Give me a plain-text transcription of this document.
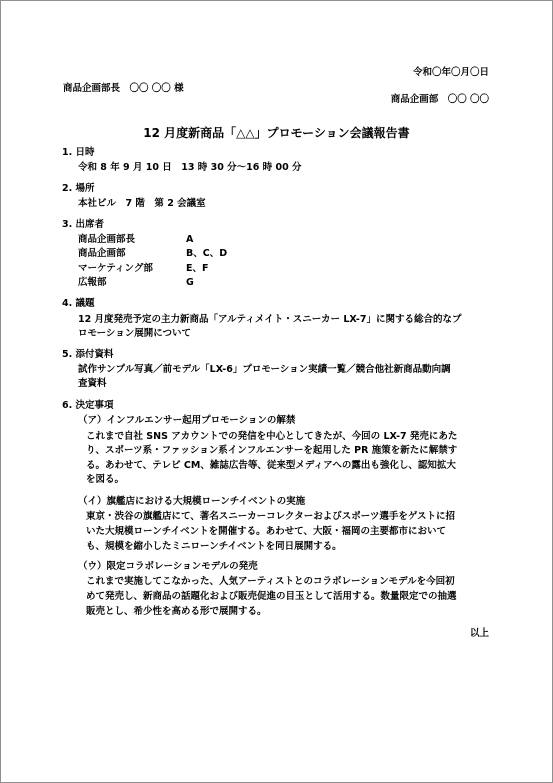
令和〇年〇月〇日
商品企画部長　〇〇 〇〇 様
商品企画部　〇〇 〇〇
12 月度新商品「△△」プロモーション会議報告書
1. 日時
令和 8 年 9 月 10 日　13 時 30 分～16 時 00 分
2. 場所
本社ビル　7 階　第 2 会議室
3. 出席者
商品企画部長	A
商品企画部	B、C、D
マーケティング部	E、F
広報部	G
4. 議題
12 月度発売予定の主力新商品「アルティメイト・スニーカー LX-7」に関する総合的なプ
ロモーション展開について
5. 添付資料
試作サンプル写真／前モデル「LX-6」プロモーション実績一覧／競合他社新商品動向調
査資料
6. 決定事項
（ア）インフルエンサー起用プロモーションの解禁
これまで自社 SNS アカウントでの発信を中心としてきたが、今回の LX-7 発売にあた
り、スポーツ系・ファッション系インフルエンサーを起用した PR 施策を新たに解禁す
る。あわせて、テレビ CM、雑誌広告等、従来型メディアへの露出も強化し、認知拡大
を図る。
（イ）旗艦店における大規模ローンチイベントの実施
東京・渋谷の旗艦店にて、著名スニーカーコレクターおよびスポーツ選手をゲストに招
いた大規模ローンチイベントを開催する。あわせて、大阪・福岡の主要都市において
も、規模を縮小したミニローンチイベントを同日展開する。
（ウ）限定コラボレーションモデルの発売
これまで実施してこなかった、人気アーティストとのコラボレーションモデルを今回初
めて発売し、新商品の話題化および販売促進の目玉として活用する。数量限定での抽選
販売とし、希少性を高める形で展開する。
以上
